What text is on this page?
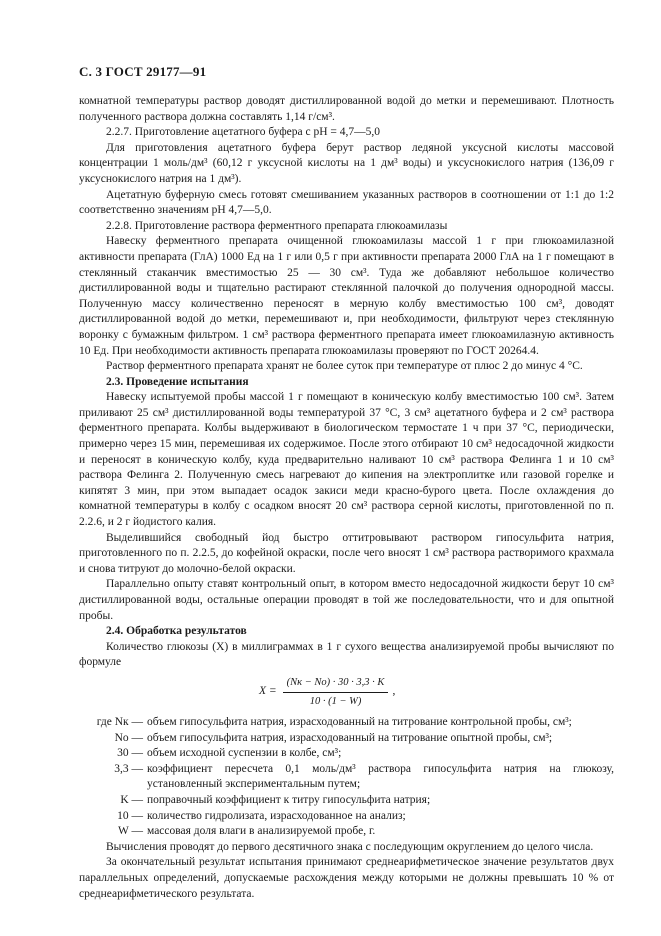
С. 3 ГОСТ 29177—91

комнатной температуры раствор доводят дистиллированной водой до метки и перемешивают. Плотность полученного раствора должна составлять 1,14 г/см³.

2.2.7. Приготовление ацетатного буфера с рН = 4,7—5,0

Для приготовления ацетатного буфера берут раствор ледяной уксусной кислоты массовой концентрации 1 моль/дм³ (60,12 г уксусной кислоты на 1 дм³ воды) и уксуснокислого натрия (136,09 г уксуснокислого натрия на 1 дм³).

Ацетатную буферную смесь готовят смешиванием указанных растворов в соотношении от 1:1 до 1:2 соответственно значениям рН 4,7—5,0.

2.2.8. Приготовление раствора ферментного препарата глюкоамилазы

Навеску ферментного препарата очищенной глюкоамилазы массой 1 г при глюкоамилазной активности препарата (ГлА) 1000 Ед на 1 г или 0,5 г при активности препарата 2000 ГлА на 1 г помещают в стеклянный стаканчик вместимостью 25 — 30 см³. Туда же добавляют небольшое количество дистиллированной воды и тщательно растирают стеклянной палочкой до получения однородной массы. Полученную массу количественно переносят в мерную колбу вместимостью 100 см³, доводят дистиллированной водой до метки, перемешивают и, при необходимости, фильтруют через стеклянную воронку с бумажным фильтром. 1 см³ раствора ферментного препарата имеет глюкоамилазную активность 10 Ед. При необходимости активность препарата глюкоамилазы проверяют по ГОСТ 20264.4.

Раствор ферментного препарата хранят не более суток при температуре от плюс 2 до минус 4 °С.

2.3. Проведение испытания

Навеску испытуемой пробы массой 1 г помещают в коническую колбу вместимостью 100 см³. Затем приливают 25 см³ дистиллированной воды температурой 37 °С, 3 см³ ацетатного буфера и 2 см³ раствора ферментного препарата. Колбы выдерживают в биологическом термостате 1 ч при 37 °С, периодически, примерно через 15 мин, перемешивая их содержимое. После этого отбирают 10 см³ недосадочной жидкости и переносят в коническую колбу, куда предварительно наливают 10 см³ раствора Фелинга 1 и 10 см³ раствора Фелинга 2. Полученную смесь нагревают до кипения на электроплитке или газовой горелке и кипятят 3 мин, при этом выпадает осадок закиси меди красно-бурого цвета. После охлаждения до комнатной температуры в колбу с осадком вносят 20 см³ раствора серной кислоты, приготовленной по п. 2.2.6, и 2 г йодистого калия.

Выделившийся свободный йод быстро оттитровывают раствором гипосульфита натрия, приготовленного по п. 2.2.5, до кофейной окраски, после чего вносят 1 см³ раствора растворимого крахмала и снова титруют до молочно-белой окраски.

Параллельно опыту ставят контрольный опыт, в котором вместо недосадочной жидкости берут 10 см³ дистиллированной воды, остальные операции проводят в той же последовательности, что и для опытной пробы.

2.4. Обработка результатов

Количество глюкозы (X) в миллиграммах в 1 г сухого вещества анализируемой пробы вычисляют по формуле

$X = \frac{(Nк - Nо) \cdot 30 \cdot 3,3 \cdot K}{10 \cdot (1 - W)}$ ,
где Nк — объем гипосульфита натрия, израсходованный на титрование контрольной пробы, см³;
Nо — объем гипосульфита натрия, израсходованный на титрование опытной пробы, см³;
30 — объем исходной суспензии в колбе, см³;
3,3 — коэффициент пересчета 0,1 моль/дм³ раствора гипосульфита натрия на глюкозу, установленный экспериментальным путем;
K — поправочный коэффициент к титру гипосульфита натрия;
10 — количество гидролизата, израсходованное на анализ;
W — массовая доля влаги в анализируемой пробе, г.

Вычисления проводят до первого десятичного знака с последующим округлением до целого числа.

За окончательный результат испытания принимают среднеарифметическое значение результатов двух параллельных определений, допускаемые расхождения между которыми не должны превышать 10 % от среднеарифметического результата.
